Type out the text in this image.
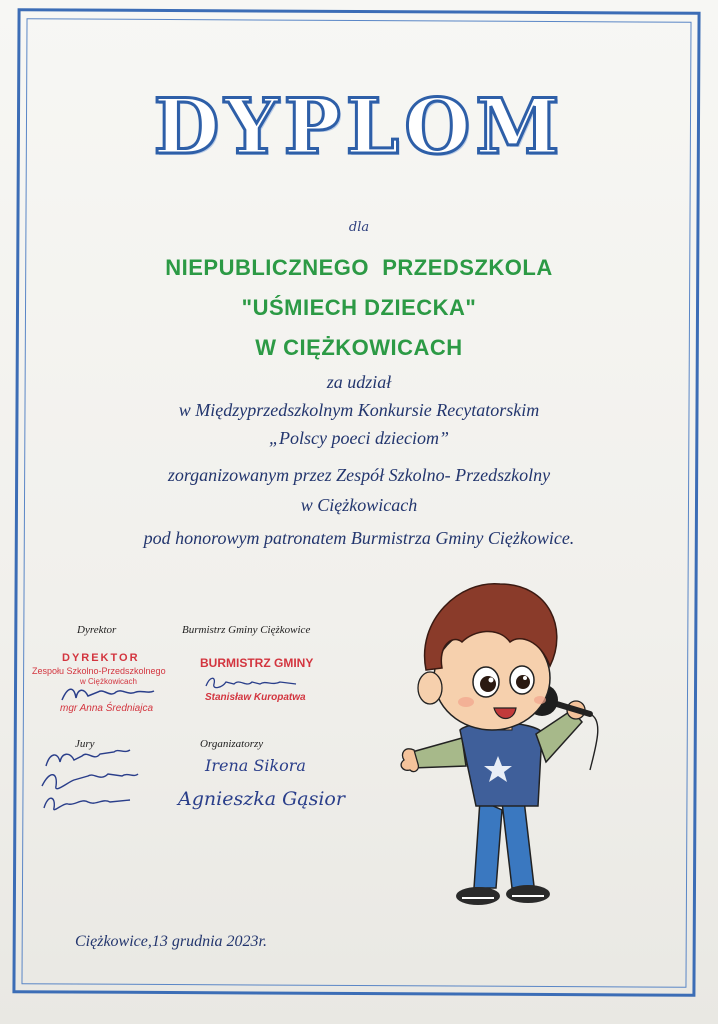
DYPLOM
dla
NIEPUBLICZNEGO  PRZEDSZKOLA
"UŚMIECH DZIECKA"
W CIĘŻKOWICACH
za udział
w Międzyprzedszkolnym Konkursie Recytatorskim
„Polscy poeci dzieciom”
zorganizowanym przez Zespół Szkolno- Przedszkolny
w Ciężkowicach
pod honorowym patronatem Burmistrza Gminy Ciężkowice.
Dyrektor
DYREKTOR
Zespołu Szkolno-Przedszkolnego
w Ciężkowicach
mgr Anna Średniajca
Burmistrz Gminy Ciężkowice
BURMISTRZ GMINY
Stanisław Kuropatwa
Jury	Organizatorzy
Irena Sikora
Agnieszka Gąsior
Ciężkowice,13 grudnia 2023r.
